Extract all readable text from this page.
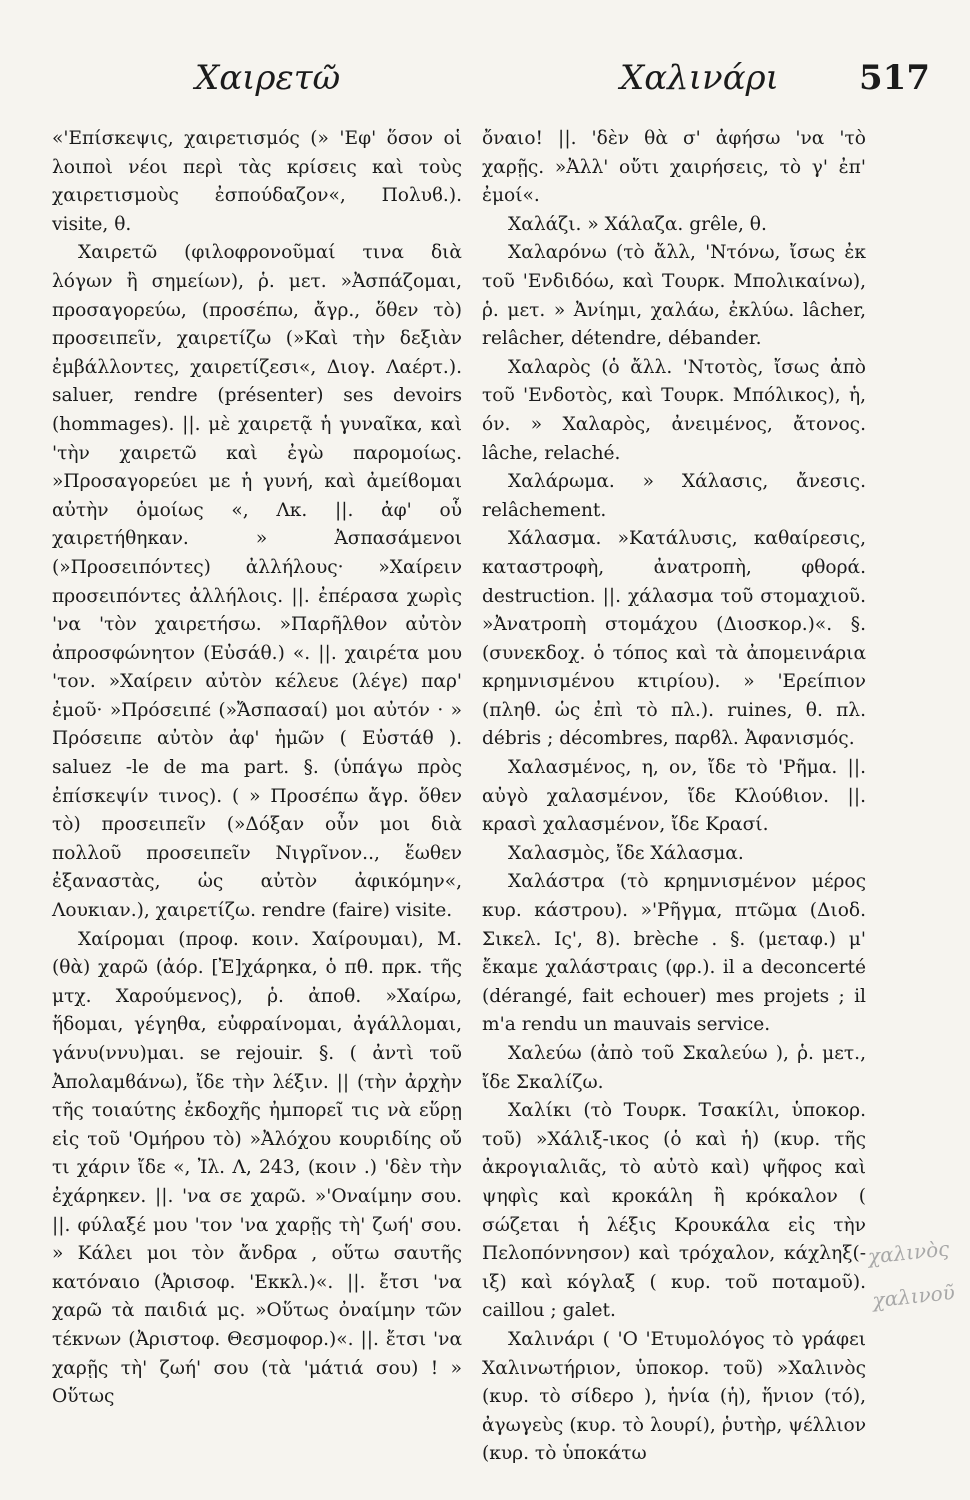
Χαιρετῶ	Χαλινάρι 517

«'Επίσκεψις, χαιρετισμός (» 'Εφ' ὅσον οἱ λοιποὶ νέοι περὶ τὰς κρίσεις καὶ τοὺς χαιρετισμοὺς ἐσπούδαζον«, Πολυϐ.). visite, θ.

Χαιρετῶ (φιλοφρονοῦμαί τινα διὰ λόγων ἢ σημείων), ῥ. μετ. »Ἀσπάζομαι, προσαγορεύω, (προσέπω, ἄγρ., ὅθεν τὸ) προσειπεῖν, χαιρετίζω (»Καὶ τὴν δεξιὰν ἐμβάλλοντες, χαιρετίζεσι«, Διογ. Λαέρτ.). saluer, rendre (présenter) ses devoirs (hommages). ||. μὲ χαιρετᾷ ἡ γυναῖκα, καὶ 'τὴν χαιρετῶ καὶ ἐγὼ παρομοίως. »Προσαγορεύει με ἡ γυνή, καὶ ἀμείϐομαι αὐτὴν ὁμοίως «, Λκ. ||. ἀφ' οὗ χαιρετήθηκαν. » Ἀσπασάμενοι (»Προσειπόντες) ἀλλήλους· »Χαίρειν προσειπόντες ἀλλήλοις. ||. ἐπέρασα χωρὶς 'να 'τὸν χαιρετήσω. »Παρῆλθον αὐτὸν ἀπροσφώνητον (Εὐσάθ.) «. ||. χαιρέτα μου 'τον. »Χαίρειν αὐτὸν κέλευε (λέγε) παρ' ἐμοῦ· »Πρόσειπέ (»Ἄσπασαί) μοι αὐτόν · » Πρόσειπε αὐτὸν ἀφ' ἡμῶν ( Εὐστάθ ). saluez -le de ma part. §. (ὑπάγω πρὸς ἐπίσκεψίν τινος). ( » Προσέπω ἄγρ. ὅθεν τὸ) προσειπεῖν (»Δόξαν οὖν μοι διὰ πολλοῦ προσειπεῖν Νιγρῖνον.., ἕωθεν ἐξαναστὰς, ὡς αὐτὸν ἀφικόμην«, Λουκιαν.), χαιρετίζω. rendre (faire) visite.

Χαίρομαι (προφ. κοιν. Χαίρουμαι), Μ. (θὰ) χαρῶ (ἀόρ. [Ἐ]χάρηκα, ὁ πθ. πρκ. τῆς μτχ. Χαρούμενος), ῥ. ἀποθ. »Χαίρω, ἥδομαι, γέγηθα, εὐφραίνομαι, ἀγάλλομαι, γάνυ(ννυ)μαι. se rejouir. §. ( ἀντὶ τοῦ Ἀπολαμϐάνω), ἴδε τὴν λέξιν. || (τὴν ἀρχὴν τῆς τοιαύτης ἐκδοχῆς ἠμπορεῖ τις νὰ εὕρῃ εἰς τοῦ 'Ομήρου τὸ) »Ἀλόχου κουριδίης οὔ τι χάριν ἴδε «, Ἰλ. Λ, 243, (κοιν .) 'δὲν τὴν ἐχάρηκεν. ||. 'να σε χαρῶ. »'Οναίμην σου. ||. φύλαξέ μου 'τον 'να χαρῇς τὴ' ζωή' σου. » Κάλει μοι τὸν ἄνδρα , οὕτω σαυτῆς κατόναιο (Ἀρισοφ. 'Εκκλ.)«. ||. ἔτσι 'να χαρῶ τὰ παιδιά μς. »Οὕτως ὀναίμην τῶν τέκνων (Ἀριστοφ. Θεσμοφορ.)«. ||. ἔτσι 'να χαρῇς τὴ' ζωή' σου (τὰ 'μάτιά σου) ! » Οὕτως

ὄναιο! ||. 'δὲν θὰ σ' ἀφήσω 'να 'τὸ χαρῇς. »Ἀλλ' οὔτι χαιρήσεις, τὸ γ' ἐπ' ἐμοί«.

Χαλάζι. » Χάλαζα. grêle, θ.

Χαλαρόνω (τὸ ἄλλ, 'Ντόνω, ἴσως ἐκ τοῦ 'Ενδιδόω, καὶ Τουρκ. Μπολικαίνω), ῥ. μετ. » Ἀνίημι, χαλάω, ἐκλύω. lâcher, relâcher, détendre, débander.

Χαλαρὸς (ὁ ἄλλ. 'Ντοτὸς, ἴσως ἀπὸ τοῦ 'Ενδοτὸς, καὶ Τουρκ. Μπόλικος), ἡ, όν. » Χαλαρὸς, ἀνειμένος, ἄτονος. lâche, relaché.

Χαλάρωμα. » Χάλασις, ἄνεσις. relâchement.

Χάλασμα. »Κατάλυσις, καθαίρεσις, καταστροφὴ, ἀνατροπὴ, φθορά. destruction. ||. χάλασμα τοῦ στομαχιοῦ. »Ἀνατροπὴ στομάχου (Διοσκορ.)«. §. (συνεκδοχ. ὁ τόπος καὶ τὰ ἀπομεινάρια κρημνισμένου κτιρίου). » 'Ερείπιον (πληθ. ὡς ἐπὶ τὸ πλ.). ruines, θ. πλ. débris ; décombres, παρϐλ. Ἀφανισμός.

Χαλασμένος, η, ον, ἴδε τὸ 'Ρῆμα. ||. αὐγὸ χαλασμένον, ἴδε Κλούϐιον. ||. κρασὶ χαλασμένον, ἴδε Κρασί.

Χαλασμὸς, ἴδε Χάλασμα.

Χαλάστρα (τὸ κρημνισμένον μέρος κυρ. κάστρου). »'Ρῆγμα, πτῶμα (Διοδ. Σικελ. Ις', 8). brèche . §. (μεταφ.) μ' ἔκαμε χαλάστραις (φρ.). il a deconcerté (dérangé, fait echouer) mes projets ; il m'a rendu un mauvais service.

Χαλεύω (ἀπὸ τοῦ Σκαλεύω ), ῥ. μετ., ἴδε Σκαλίζω.

Χαλίκι (τὸ Τουρκ. Τσακίλι, ὑποκορ. τοῦ) »Χάλιξ-ικος (ὁ καὶ ἡ) (κυρ. τῆς ἀκρογιαλιᾶς, τὸ αὐτὸ καὶ) ψῆφος καὶ ψηφὶς καὶ κροκάλη ἢ κρόκαλον ( σώζεται ἡ λέξις Κρουκάλα εἰς τὴν Πελοπόννησον) καὶ τρόχαλον, κάχληξ(-ιξ) καὶ κόγλαξ ( κυρ. τοῦ ποταμοῦ). caillou ; galet.

Χαλινάρι ( 'Ο 'Ετυμολόγος τὸ γράφει Χαλινωτήριον, ὑποκορ. τοῦ) »Χαλινὸς (κυρ. τὸ σίδερο ), ἡνία (ἡ), ἥνιον (τό), ἀγωγεὺς (κυρ. τὸ λουρί), ῥυτὴρ, ψέλλιον (κυρ. τὸ ὑποκάτω

χαλινὸς χαλινοῦ
